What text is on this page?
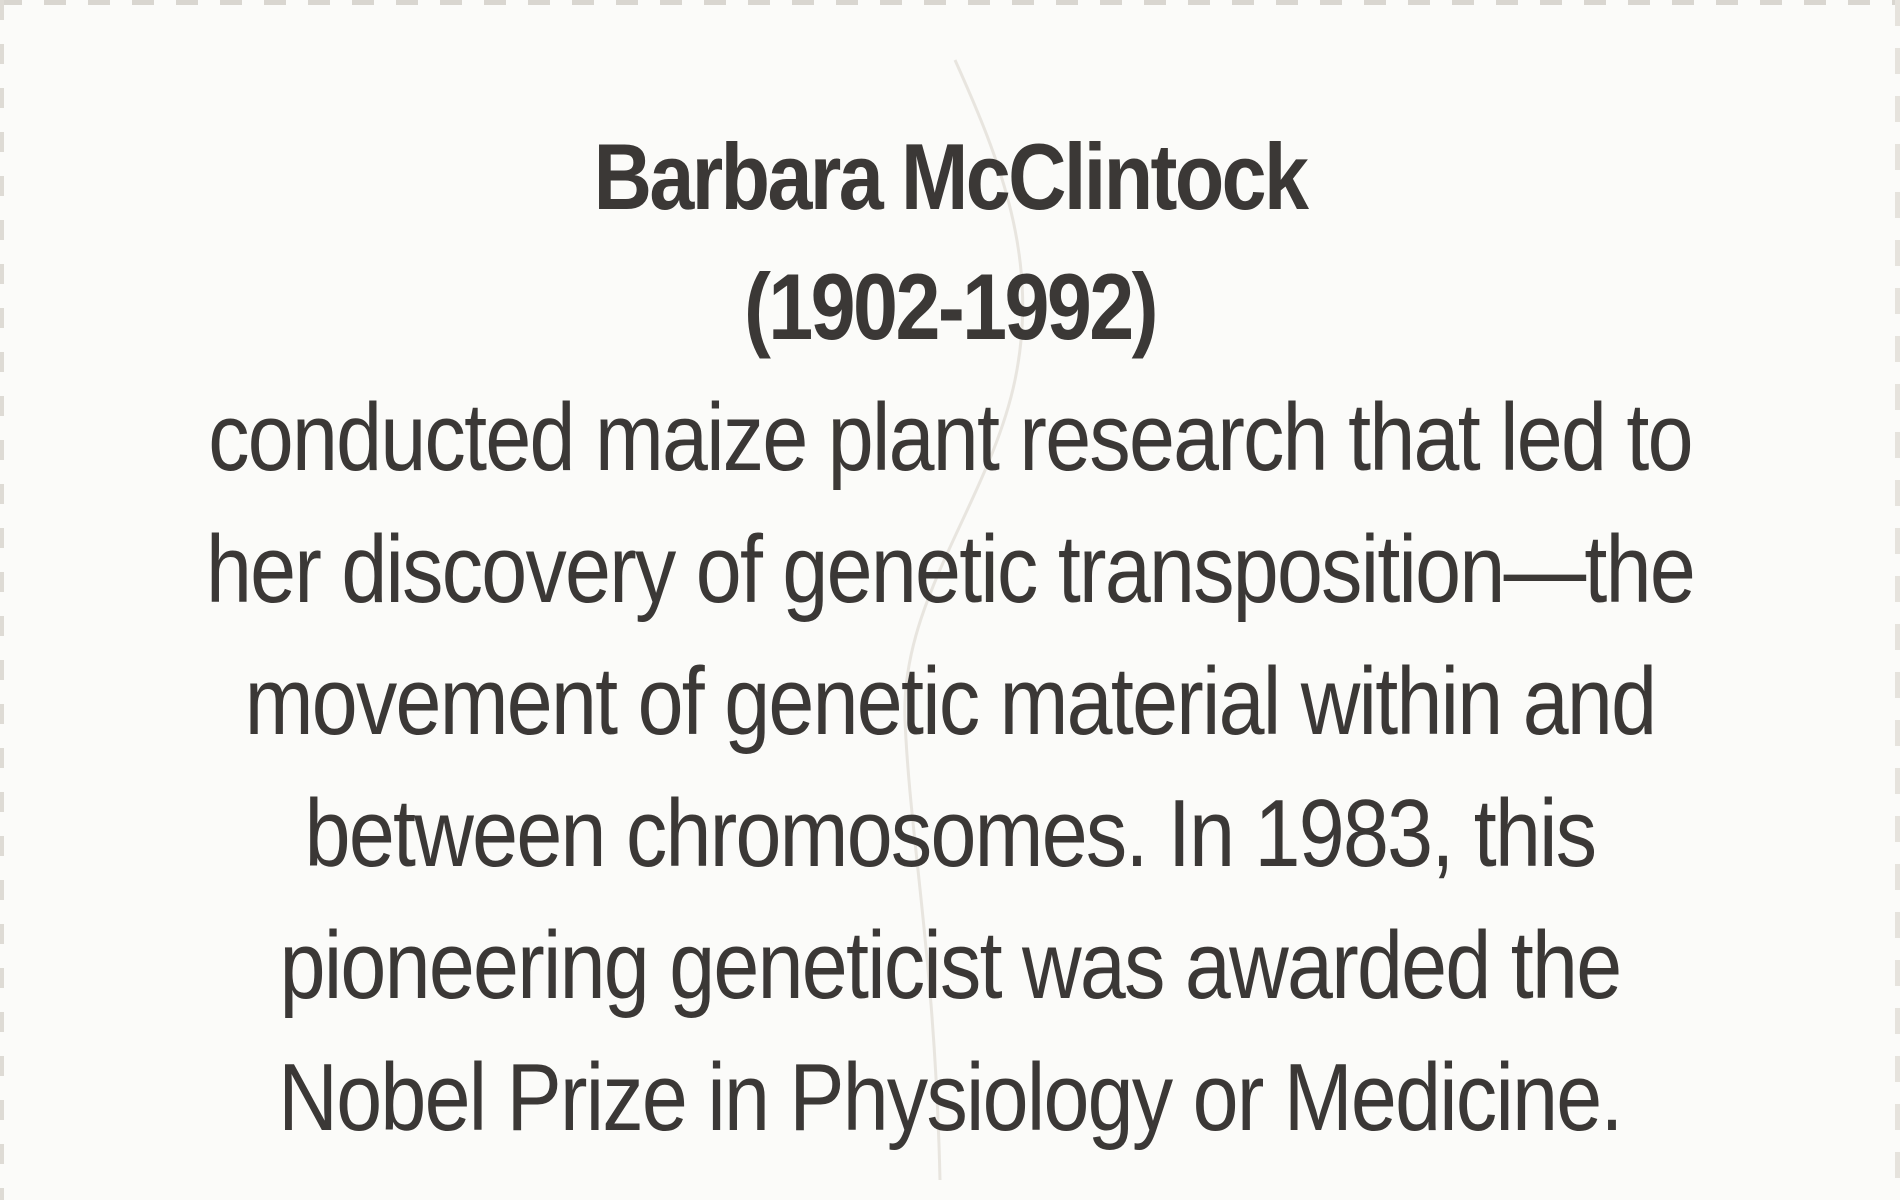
Barbara McClintock
(1902-1992)
conducted maize plant research that led to
her discovery of genetic transposition—the
movement of genetic material within and
between chromosomes. In 1983, this
pioneering geneticist was awarded the
Nobel Prize in Physiology or Medicine.
